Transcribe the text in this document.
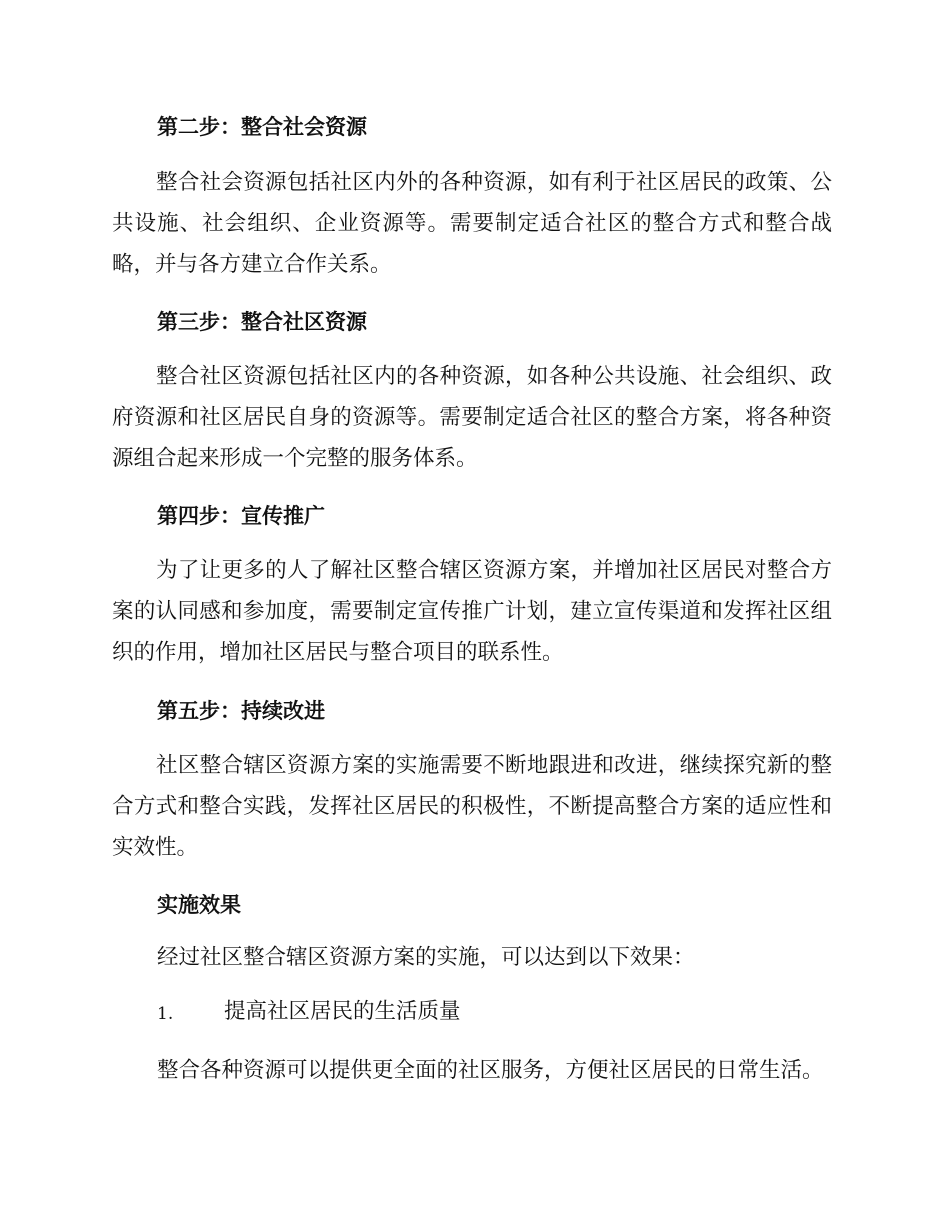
第二步：整合社会资源
整合社会资源包括社区内外的各种资源，如有利于社区居民的政策、公共设施、社会组织、企业资源等。需要制定适合社区的整合方式和整合战略，并与各方建立合作关系。
第三步：整合社区资源
整合社区资源包括社区内的各种资源，如各种公共设施、社会组织、政府资源和社区居民自身的资源等。需要制定适合社区的整合方案，将各种资源组合起来形成一个完整的服务体系。
第四步：宣传推广
为了让更多的人了解社区整合辖区资源方案，并增加社区居民对整合方案的认同感和参加度，需要制定宣传推广计划，建立宣传渠道和发挥社区组织的作用，增加社区居民与整合项目的联系性。
第五步：持续改进
社区整合辖区资源方案的实施需要不断地跟进和改进，继续探究新的整合方式和整合实践，发挥社区居民的积极性，不断提高整合方案的适应性和实效性。
实施效果
经过社区整合辖区资源方案的实施，可以达到以下效果：
1. 提高社区居民的生活质量
整合各种资源可以提供更全面的社区服务，方便社区居民的日常生活。
